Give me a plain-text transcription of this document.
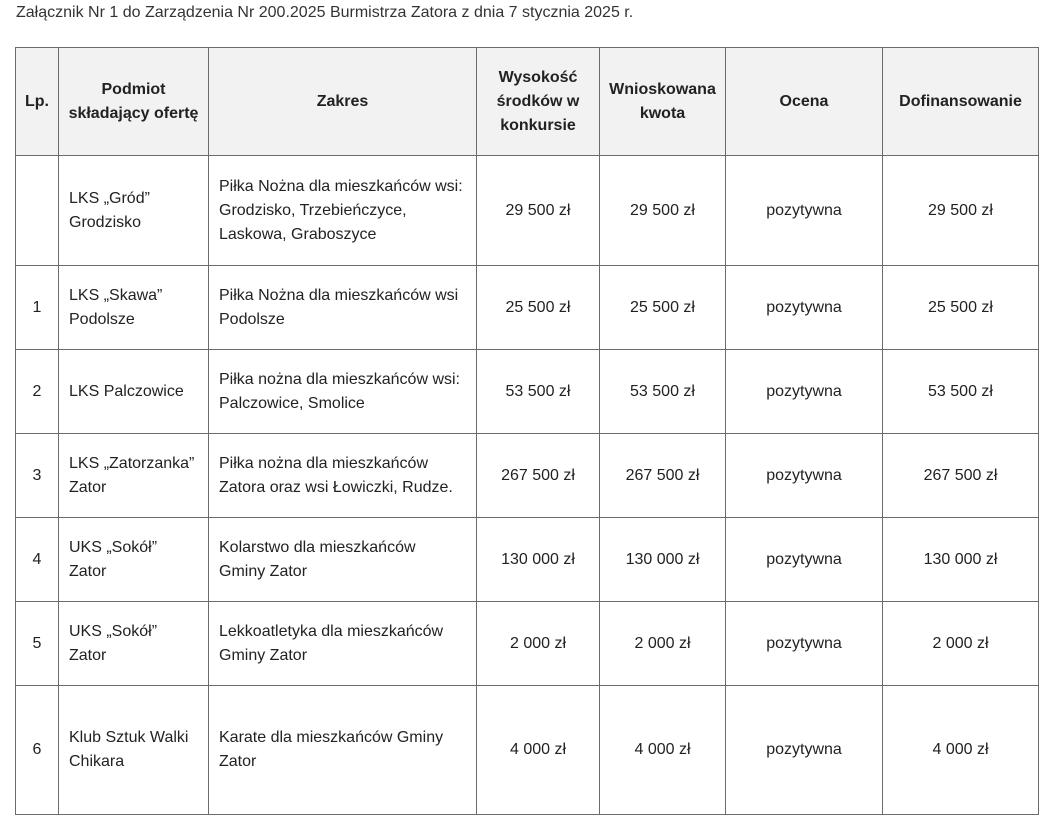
Załącznik Nr 1 do Zarządzenia Nr 200.2025 Burmistrza Zatora z dnia 7 stycznia 2025 r.
Lp.	Podmiot składający ofertę	Zakres	Wysokość środków w konkursie	Wnioskowana kwota	Ocena	Dofinansowanie
	LKS „Gród” Grodzisko	Piłka Nożna dla mieszkańców wsi: Grodzisko, Trzebieńczyce, Laskowa, Graboszyce	29 500 zł	29 500 zł	pozytywna	29 500 zł
1	LKS „Skawa” Podolsze	Piłka Nożna dla mieszkańców wsi Podolsze	25 500 zł	25 500 zł	pozytywna	25 500 zł
2	LKS Palczowice	Piłka nożna dla mieszkańców wsi: Palczowice, Smolice	53 500 zł	53 500 zł	pozytywna	53 500 zł
3	LKS „Zatorzanka” Zator	Piłka nożna dla mieszkańców Zatora oraz wsi Łowiczki, Rudze.	267 500 zł	267 500 zł	pozytywna	267 500 zł
4	UKS „Sokół” Zator	Kolarstwo dla mieszkańców Gminy Zator	130 000 zł	130 000 zł	pozytywna	130 000 zł
5	UKS „Sokół” Zator	Lekkoatletyka dla mieszkańców Gminy Zator	2 000 zł	2 000 zł	pozytywna	2 000 zł
6	Klub Sztuk Walki Chikara	Karate dla mieszkańców Gminy Zator	4 000 zł	4 000 zł	pozytywna	4 000 zł
